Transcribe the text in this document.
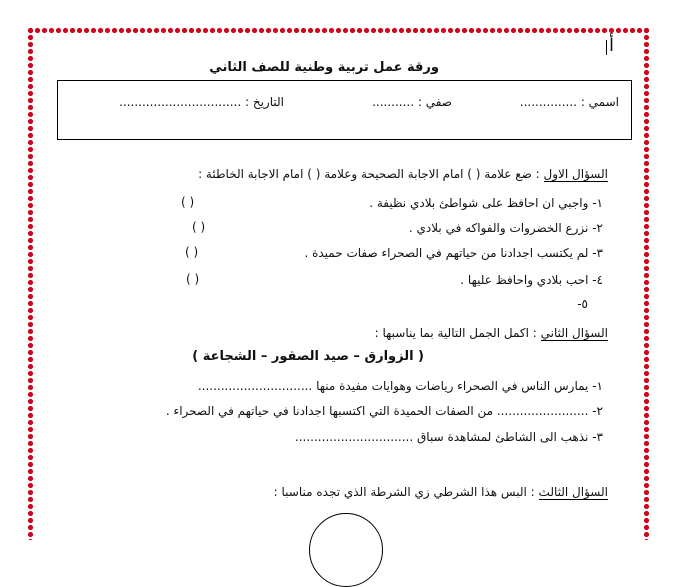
أ
ورقة عمل تربية وطنية للصف الثاني
اسمي : ...............
صفي : ...........
التاريخ : ................................
السؤال الاول : ضع علامة ( ) امام الاجابة الصحيحة وعلامة ( ) امام الاجابة الخاطئة :
١- واجبي ان احافظ على شواطئ بلادي نظيفة .
( )
٢- نزرع الخضروات والفواكه في بلادي .
( )
٣- لم يكتسب اجدادنا من حياتهم في الصحراء صفات حميدة .
( )
٤- احب بلادي واحافظ عليها .
( )
٥-
السؤال الثاني : اكمل الجمل التالية بما يناسبها :
( الزوارق – صيد الصقور – الشجاعة )
١- يمارس الناس في الصحراء رياضات وهوايات مفيدة منها ..............................
٢- ........................ من الصفات الحميدة التي اكتسبها اجدادنا في حياتهم في الصحراء .
٣- نذهب الى الشاطئ لمشاهدة سباق ...............................
السؤال الثالث : البس هذا الشرطي زي الشرطة الذي تجده مناسبا :
